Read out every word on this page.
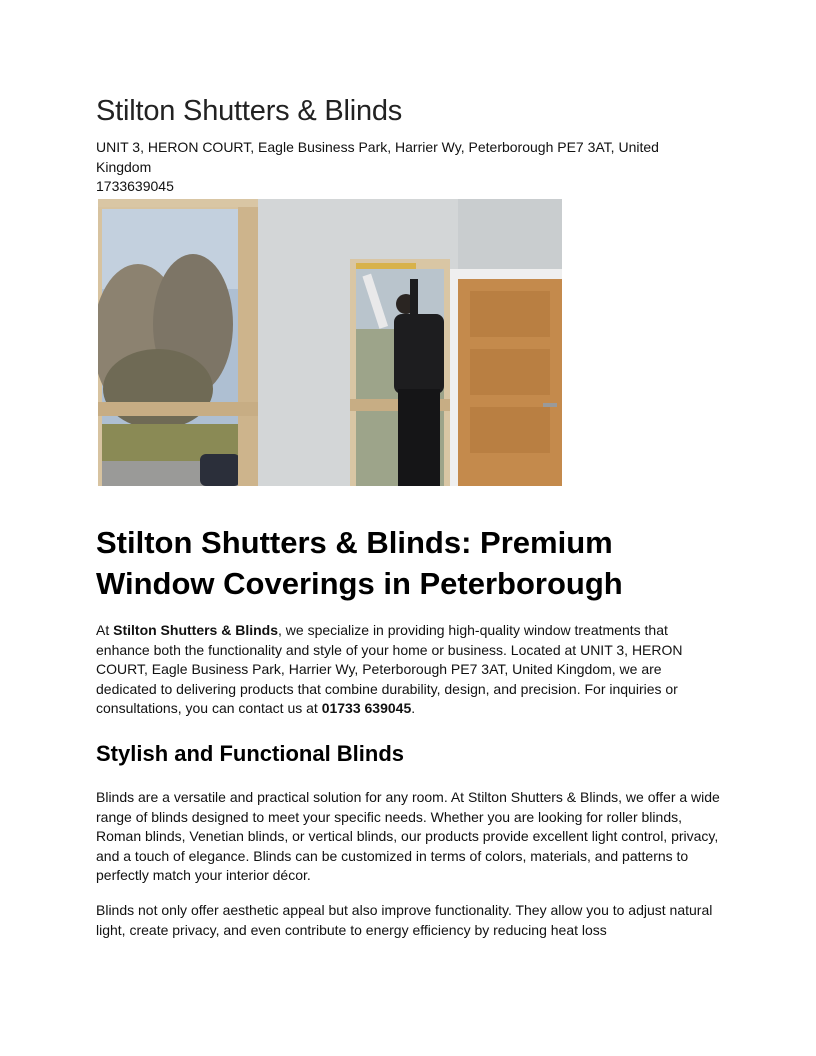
Stilton Shutters & Blinds

UNIT 3, HERON COURT, Eagle Business Park, Harrier Wy, Peterborough PE7 3AT, United Kingdom

1733639045

Stilton Shutters & Blinds: Premium Window Coverings in Peterborough

At Stilton Shutters & Blinds, we specialize in providing high-quality window treatments that enhance both the functionality and style of your home or business. Located at UNIT 3, HERON COURT, Eagle Business Park, Harrier Wy, Peterborough PE7 3AT, United Kingdom, we are dedicated to delivering products that combine durability, design, and precision. For inquiries or consultations, you can contact us at 01733 639045.

Stylish and Functional Blinds

Blinds are a versatile and practical solution for any room. At Stilton Shutters & Blinds, we offer a wide range of blinds designed to meet your specific needs. Whether you are looking for roller blinds, Roman blinds, Venetian blinds, or vertical blinds, our products provide excellent light control, privacy, and a touch of elegance. Blinds can be customized in terms of colors, materials, and patterns to perfectly match your interior décor.

Blinds not only offer aesthetic appeal but also improve functionality. They allow you to adjust natural light, create privacy, and even contribute to energy efficiency by reducing heat loss
